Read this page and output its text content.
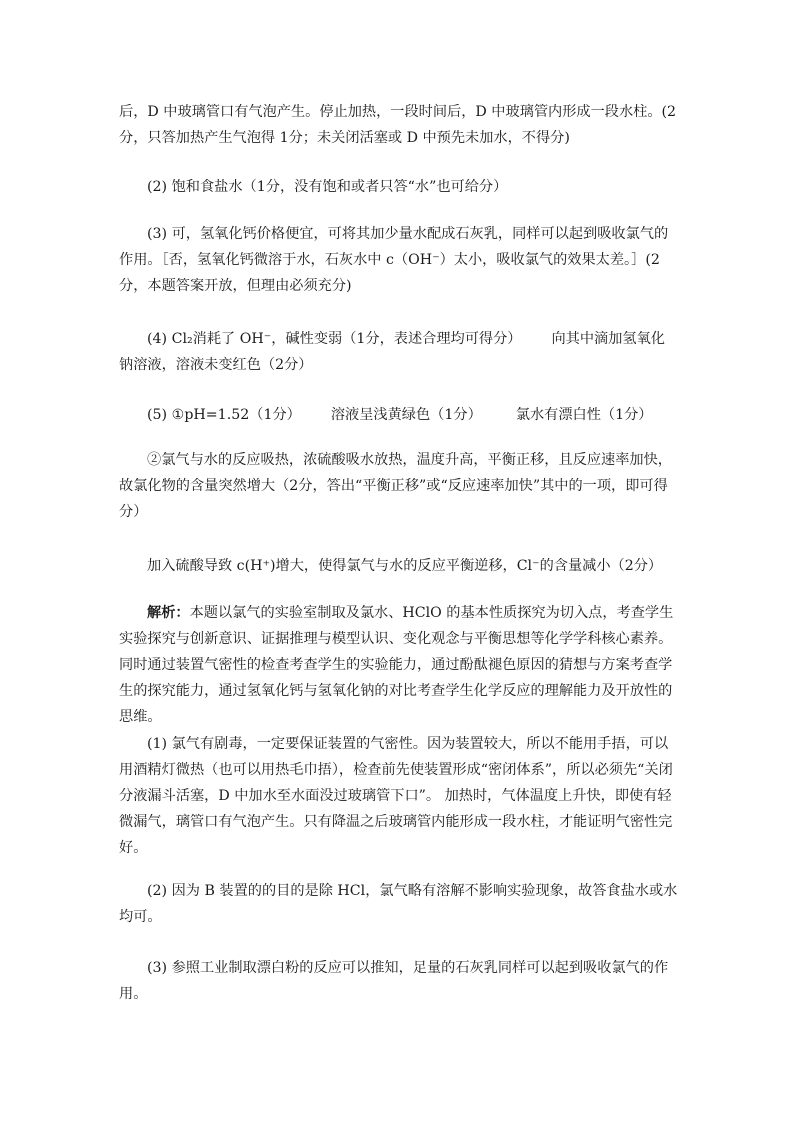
后，D 中玻璃管口有气泡产生。停止加热，一段时间后，D 中玻璃管内形成一段水柱。(2分，只答加热产生气泡得 1分；未关闭活塞或 D 中预先未加水，不得分)

(2) 饱和食盐水（1分，没有饱和或者只答“水”也可给分）

(3) 可，氢氧化钙价格便宜，可将其加少量水配成石灰乳，同样可以起到吸收氯气的作用。［否，氢氧化钙微溶于水，石灰水中 c（OH⁻）太小，吸收氯气的效果太差。］(2分，本题答案开放，但理由必须充分)

(4) Cl₂消耗了 OH⁻，碱性变弱（1分，表述合理均可得分） 向其中滴加氢氧化钠溶液，溶液未变红色（2分）

(5) ①pH=1.52（1分） 溶液呈浅黄绿色（1分） 氯水有漂白性（1分）

②氯气与水的反应吸热，浓硫酸吸水放热，温度升高，平衡正移，且反应速率加快，故氯化物的含量突然增大（2分，答出“平衡正移”或“反应速率加快”其中的一项，即可得分）

加入硫酸导致 c(H⁺)增大，使得氯气与水的反应平衡逆移，Cl⁻的含量减小（2分）

解析：本题以氯气的实验室制取及氯水、HClO 的基本性质探究为切入点，考查学生实验探究与创新意识、证据推理与模型认识、变化观念与平衡思想等化学学科核心素养。同时通过装置气密性的检查考查学生的实验能力，通过酚酞褪色原因的猜想与方案考查学生的探究能力，通过氢氧化钙与氢氧化钠的对比考查学生化学反应的理解能力及开放性的思维。

(1) 氯气有剧毒，一定要保证装置的气密性。因为装置较大，所以不能用手捂，可以用酒精灯微热（也可以用热毛巾捂），检查前先使装置形成“密闭体系”，所以必须先“关闭分液漏斗活塞，D 中加水至水面没过玻璃管下口”。 加热时，气体温度上升快，即使有轻微漏气，璃管口有气泡产生。只有降温之后玻璃管内能形成一段水柱，才能证明气密性完好。

(2) 因为 B 装置的的目的是除 HCl，氯气略有溶解不影响实验现象，故答食盐水或水均可。

(3) 参照工业制取漂白粉的反应可以推知，足量的石灰乳同样可以起到吸收氯气的作用。
